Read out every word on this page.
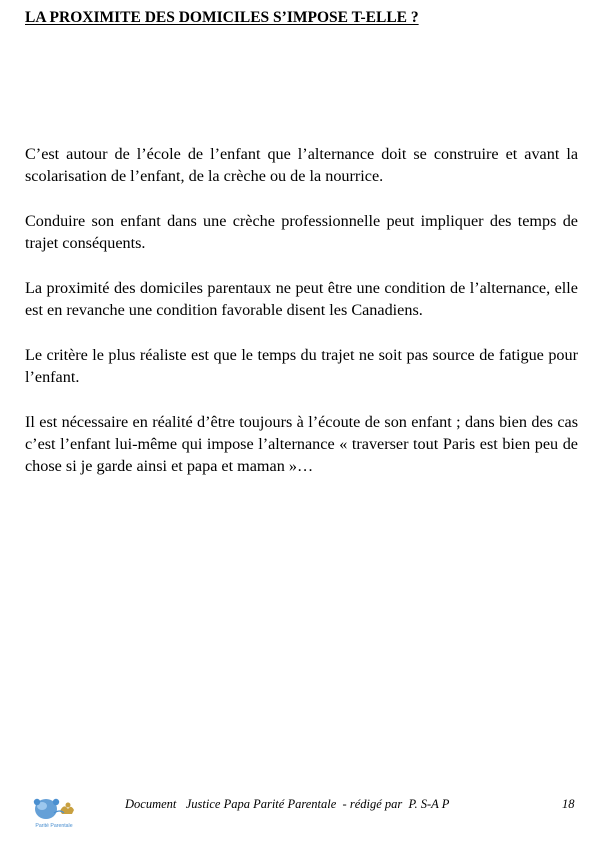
LA PROXIMITE DES DOMICILES S’IMPOSE T-ELLE ?

C’est autour de l’école de l’enfant que l’alternance doit se construire et avant la scolarisation de l’enfant, de la crèche ou de la nourrice.

Conduire son enfant dans une crèche professionnelle peut impliquer des temps de trajet conséquents.

La proximité des domiciles parentaux ne peut être une condition de l’alternance, elle est en revanche une condition favorable disent les Canadiens.

Le critère le plus réaliste est que le temps du trajet ne soit pas source de fatigue pour l’enfant.

Il est nécessaire en réalité d’être toujours à l’écoute de son enfant ; dans bien des cas c’est l’enfant lui-même qui impose l’alternance « traverser tout Paris est bien peu de chose si je garde ainsi et papa et maman »…

Parité Parentale
Document   Justice Papa Parité Parentale  - rédigé par  P. S-A P	18
